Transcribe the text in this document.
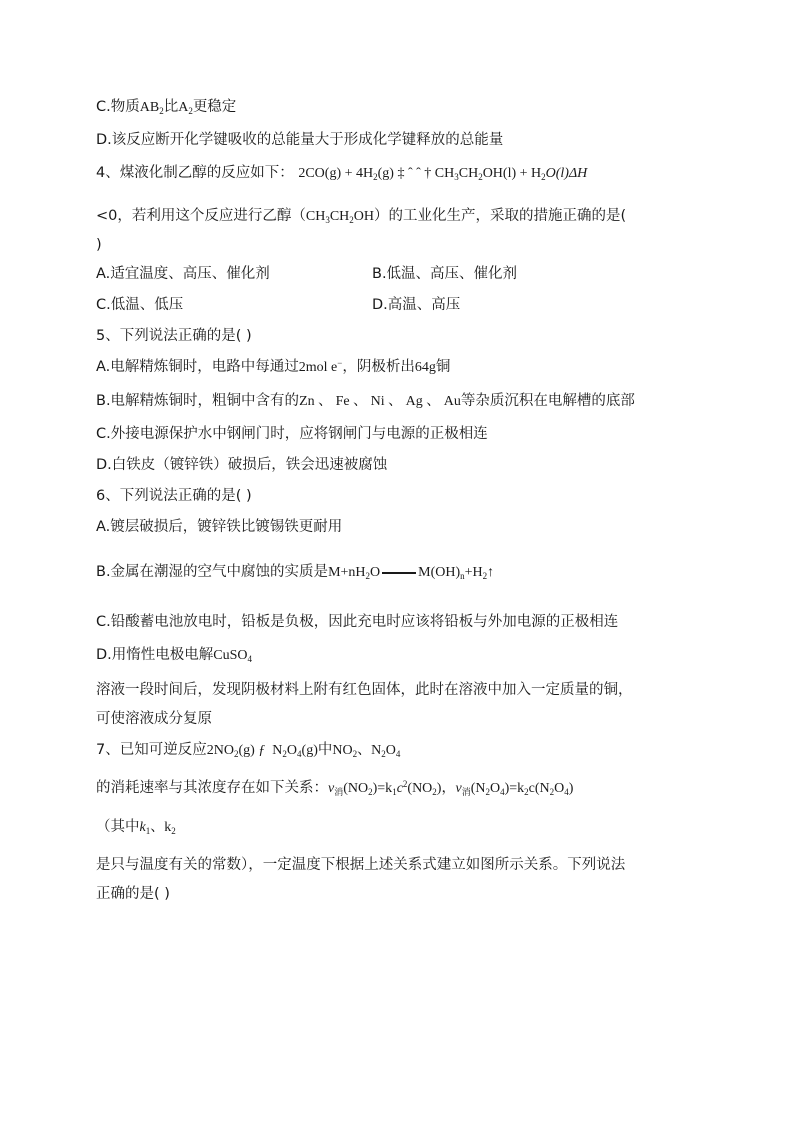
C.物质$AB_2$比$A_2$更稳定
D.该反应断开化学键吸收的总能量大于形成化学键释放的总能量
4、煤液化制乙醇的反应如下： $2CO(g) + 4H_2(g)$ ‡ ˆ ˆ † $CH_3CH_2OH(l) + H_2O(l)\Delta H$
<0，若利用这个反应进行乙醇$(CH_3CH_2OH)$的工业化生产，采取的措施正确的是(
)
A.适宜温度、高压、催化剂	B.低温、高压、催化剂
C.低温、低压	D.高温、高压
5、下列说法正确的是( )
A.电解精炼铜时，电路中每通过2mol e−，阴极析出64g铜
B.电解精炼铜时，粗铜中含有的Zn 、 Fe 、 Ni 、 Ag 、 Au等杂质沉积在电解槽的底部
C.外接电源保护水中钢闸门时，应将钢闸门与电源的正极相连
D.白铁皮（镀锌铁）破损后，铁会迅速被腐蚀
6、下列说法正确的是( )
A.镀层破损后，镀锌铁比镀锡铁更耐用
B.金属在潮湿的空气中腐蚀的实质是$M+nH_2O$	$M(OH)_n+H_2↑$
C.铅酸蓄电池放电时，铅板是负极，因此充电时应该将铅板与外加电源的正极相连
D.用惰性电极电解CuSO$_4$
溶液一段时间后，发现阴极材料上附有红色固体，此时在溶液中加入一定质量的铜，
可使溶液成分复原
7、已知可逆反应$2NO_2(g)$ ƒ $N_2O_4(g)$中$NO_2$、$N_2O_4$
的消耗速率与其浓度存在如下关系：$v_消(NO_2)=k_1c^2(NO_2)$，$v_消(N_2O_4)=k_2c(N_2O_4)$
（其中$k_1$、$k_2$
是只与温度有关的常数），一定温度下根据上述关系式建立如图所示关系。下列说法
正确的是( )
